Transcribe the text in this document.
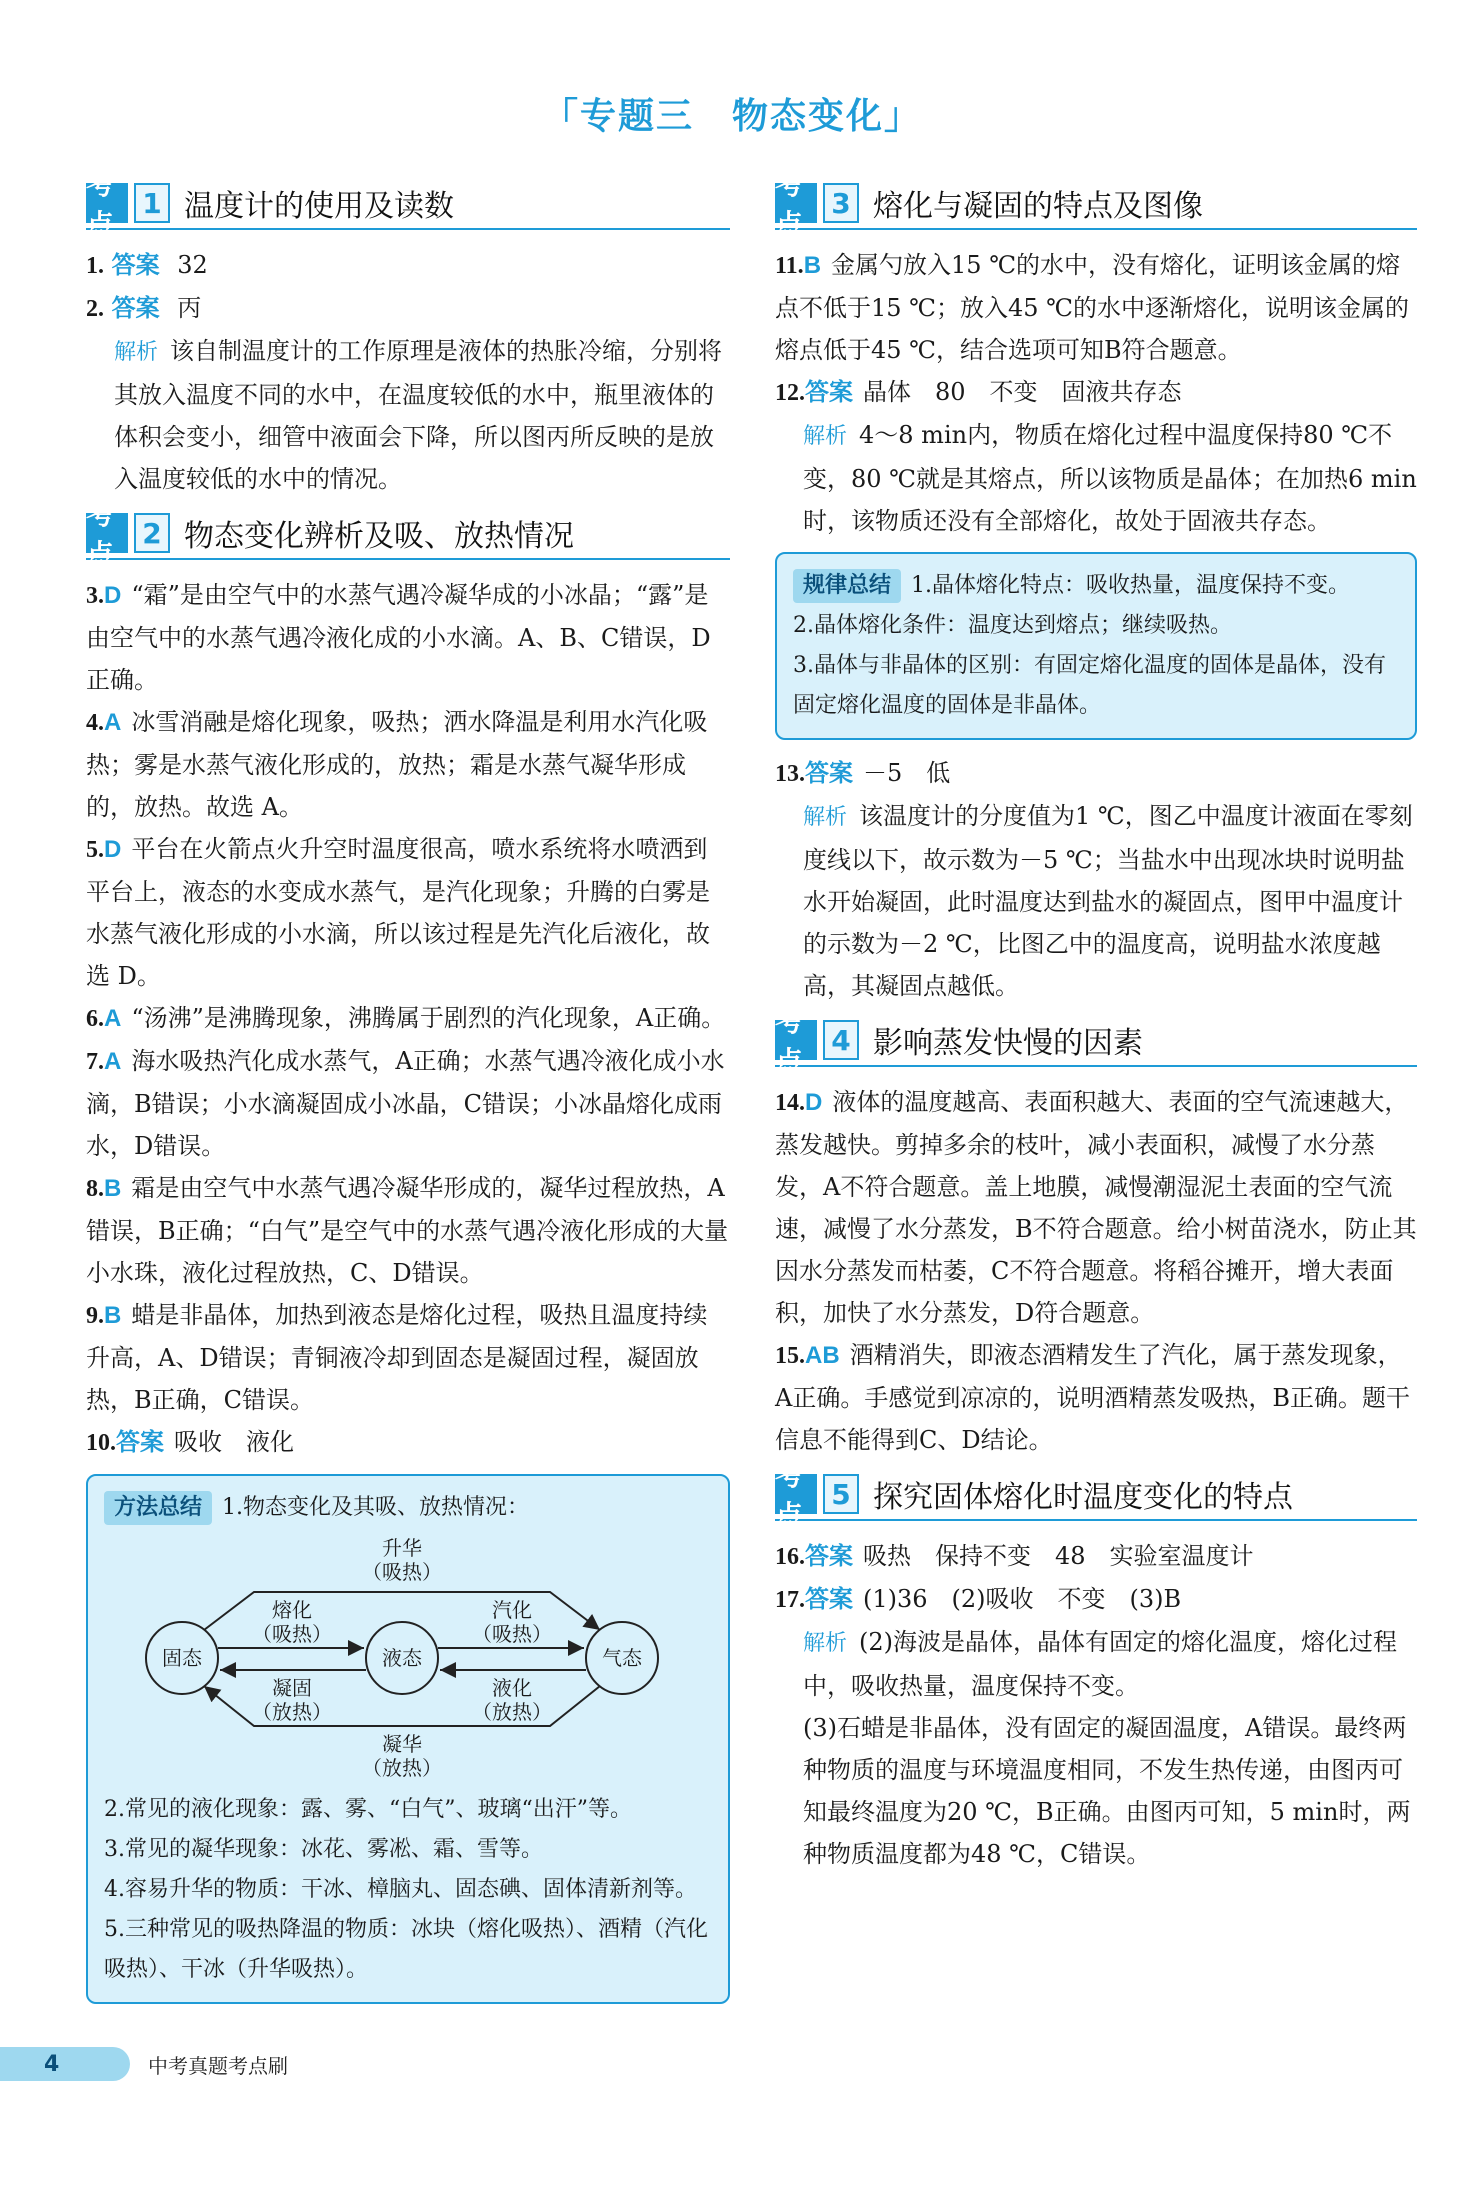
「专题三　物态变化」
考点
1 温度计的使用及读数
1. 答案 32
2. 答案 丙
解析 该自制温度计的工作原理是液体的热胀冷缩，分别将其放入温度不同的水中，在温度较低的水中，瓶里液体的体积会变小，细管中液面会下降，所以图丙所反映的是放入温度较低的水中的情况。
考点
2 物态变化辨析及吸、放热情况
3.D “霜”是由空气中的水蒸气遇冷凝华成的小冰晶；“露”是由空气中的水蒸气遇冷液化成的小水滴。A、B、C错误，D正确。
4.A 冰雪消融是熔化现象，吸热；洒水降温是利用水汽化吸热；雾是水蒸气液化形成的，放热；霜是水蒸气凝华形成的，放热。故选 A。
5.D 平台在火箭点火升空时温度很高，喷水系统将水喷洒到平台上，液态的水变成水蒸气，是汽化现象；升腾的白雾是水蒸气液化形成的小水滴，所以该过程是先汽化后液化，故选 D。
6.A “汤沸”是沸腾现象，沸腾属于剧烈的汽化现象，A正确。
7.A 海水吸热汽化成水蒸气，A正确；水蒸气遇冷液化成小水滴，B错误；小水滴凝固成小冰晶，C错误；小冰晶熔化成雨水，D错误。
8.B 霜是由空气中水蒸气遇冷凝华形成的，凝华过程放热，A错误，B正确；“白气”是空气中的水蒸气遇冷液化形成的大量小水珠，液化过程放热，C、D错误。
9.B 蜡是非晶体，加热到液态是熔化过程，吸热且温度持续升高，A、D错误；青铜液冷却到固态是凝固过程，凝固放热，B正确，C错误。
10.答案 吸收　液化
方法总结 1.物态变化及其吸、放热情况：
固态	液态	气态
升华
（吸热）
熔化
（吸热）
凝固
（放热）
汽化
（吸热）
液化
（放热）
凝华
（放热）
2.常见的液化现象：露、雾、“白气”、玻璃“出汗”等。
3.常见的凝华现象：冰花、雾凇、霜、雪等。
4.容易升华的物质：干冰、樟脑丸、固态碘、固体清新剂等。
5.三种常见的吸热降温的物质：冰块（熔化吸热）、酒精（汽化吸热）、干冰（升华吸热）。
考点
3 熔化与凝固的特点及图像
11.B 金属勺放入15 ℃的水中，没有熔化，证明该金属的熔点不低于15 ℃；放入45 ℃的水中逐渐熔化，说明该金属的熔点低于45 ℃，结合选项可知B符合题意。
12.答案 晶体　80　不变　固液共存态
解析 4～8 min内，物质在熔化过程中温度保持80 ℃不变，80 ℃就是其熔点，所以该物质是晶体；在加热6 min时，该物质还没有全部熔化，故处于固液共存态。
规律总结 1.晶体熔化特点：吸收热量，温度保持不变。
2.晶体熔化条件：温度达到熔点；继续吸热。
3.晶体与非晶体的区别：有固定熔化温度的固体是晶体，没有固定熔化温度的固体是非晶体。
13.答案 －5　低
解析 该温度计的分度值为1 ℃，图乙中温度计液面在零刻度线以下，故示数为－5 ℃；当盐水中出现冰块时说明盐水开始凝固，此时温度达到盐水的凝固点，图甲中温度计的示数为－2 ℃，比图乙中的温度高，说明盐水浓度越高，其凝固点越低。
考点
4 影响蒸发快慢的因素
14.D 液体的温度越高、表面积越大、表面的空气流速越大，蒸发越快。剪掉多余的枝叶，减小表面积，减慢了水分蒸发，A不符合题意。盖上地膜，减慢潮湿泥土表面的空气流速，减慢了水分蒸发，B不符合题意。给小树苗浇水，防止其因水分蒸发而枯萎，C不符合题意。将稻谷摊开，增大表面积，加快了水分蒸发，D符合题意。
15.AB 酒精消失，即液态酒精发生了汽化，属于蒸发现象，A正确。手感觉到凉凉的，说明酒精蒸发吸热，B正确。题干信息不能得到C、D结论。
考点
5 探究固体熔化时温度变化的特点
16.答案 吸热　保持不变　48　实验室温度计
17.答案 (1)36　(2)吸收　不变　(3)B
解析 (2)海波是晶体，晶体有固定的熔化温度，熔化过程中，吸收热量，温度保持不变。
(3)石蜡是非晶体，没有固定的凝固温度，A错误。最终两种物质的温度与环境温度相同，不发生热传递，由图丙可知最终温度为20 ℃，B正确。由图丙可知，5 min时，两种物质温度都为48 ℃，C错误。
4	中考真题考点刷
